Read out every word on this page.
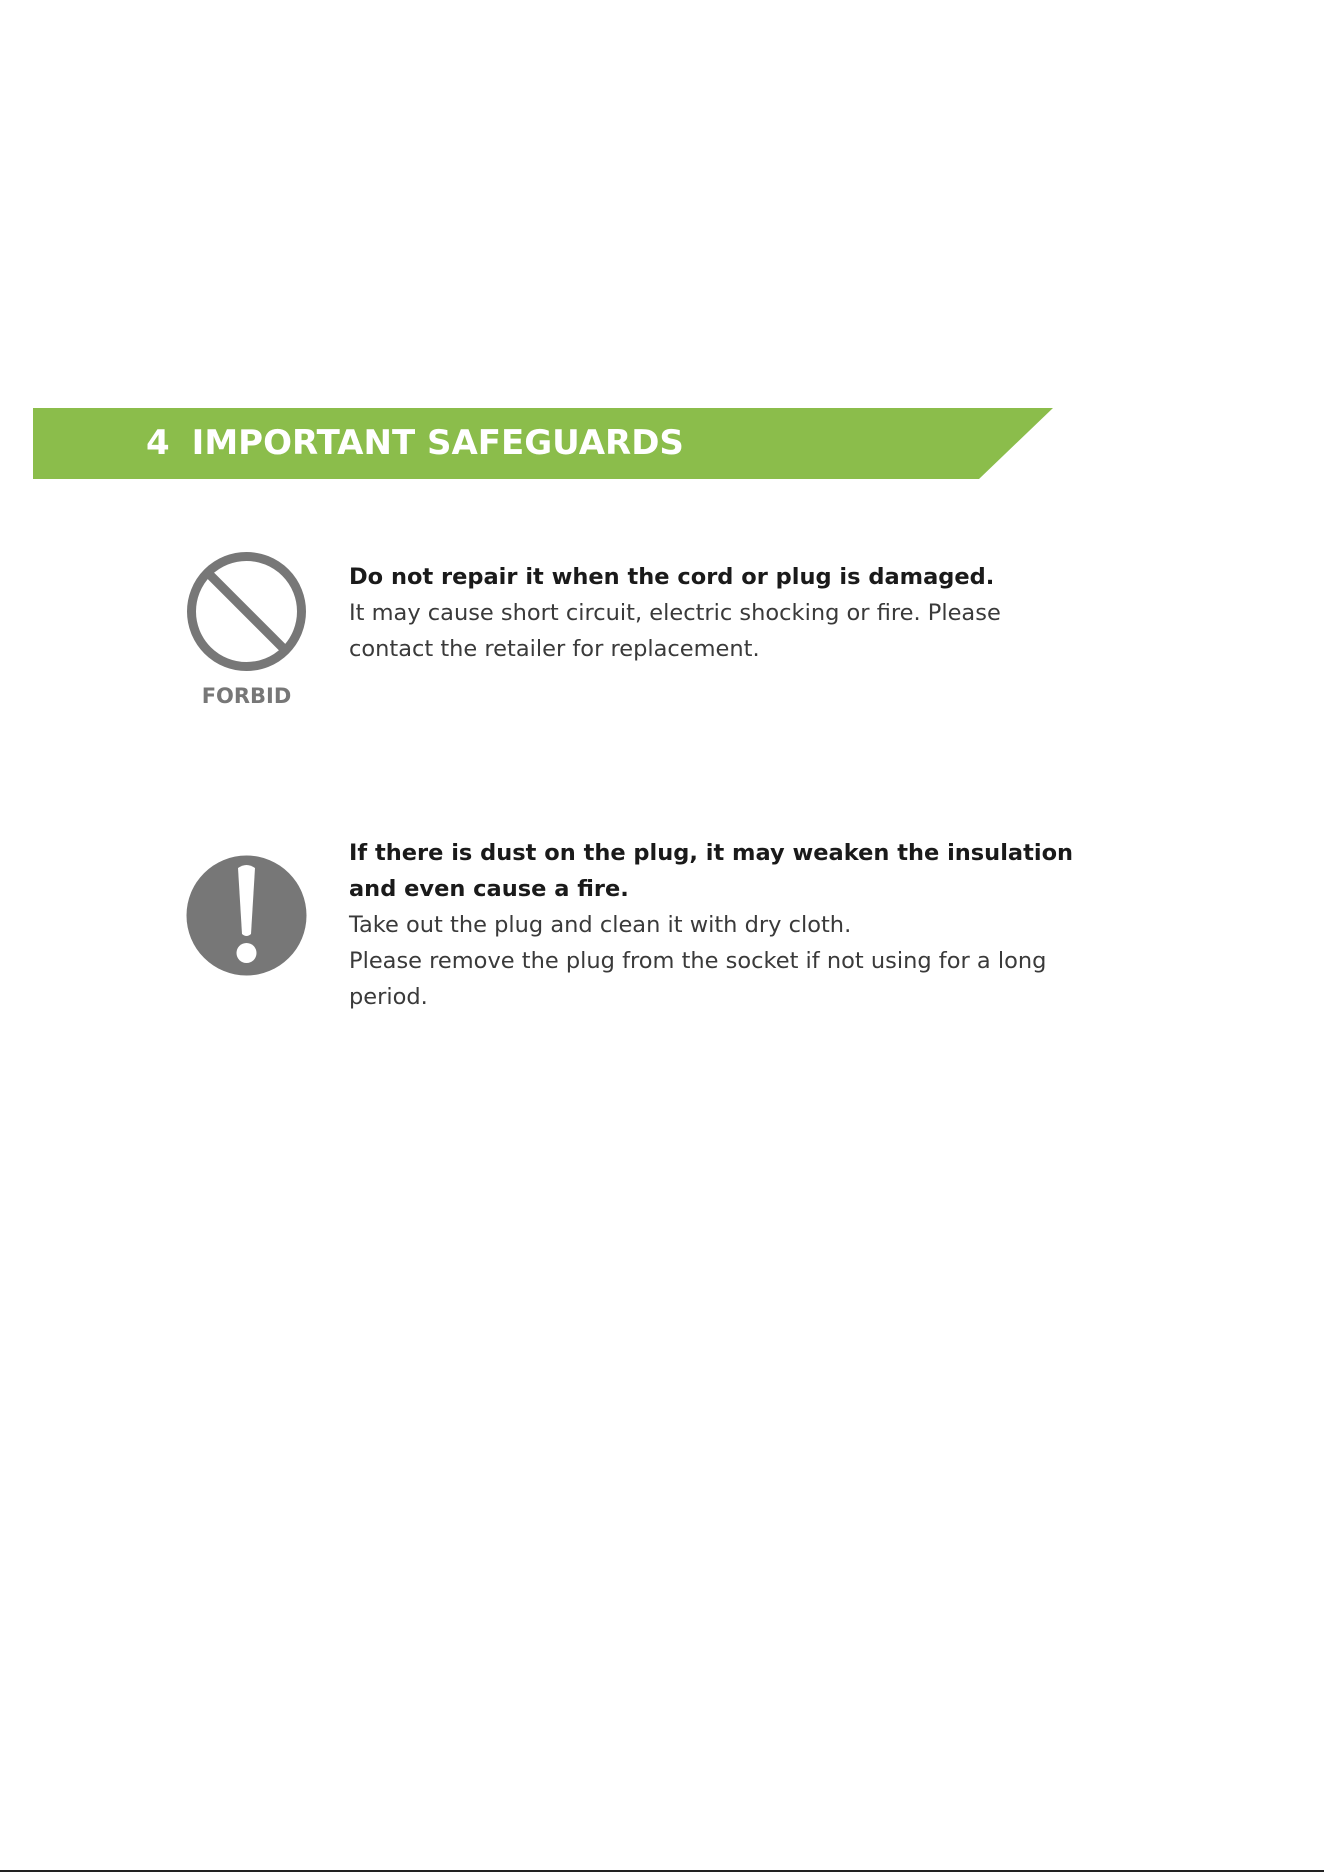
4 IMPORTANT SAFEGUARDS
FORBID
Do not repair it when the cord or plug is damaged.
It may cause short circuit, electric shocking or fire. Please contact the retailer for replacement.
If there is dust on the plug, it may weaken the insulation and even cause a fire.
Take out the plug and clean it with dry cloth.
Please remove the plug from the socket if not using for a long period.
